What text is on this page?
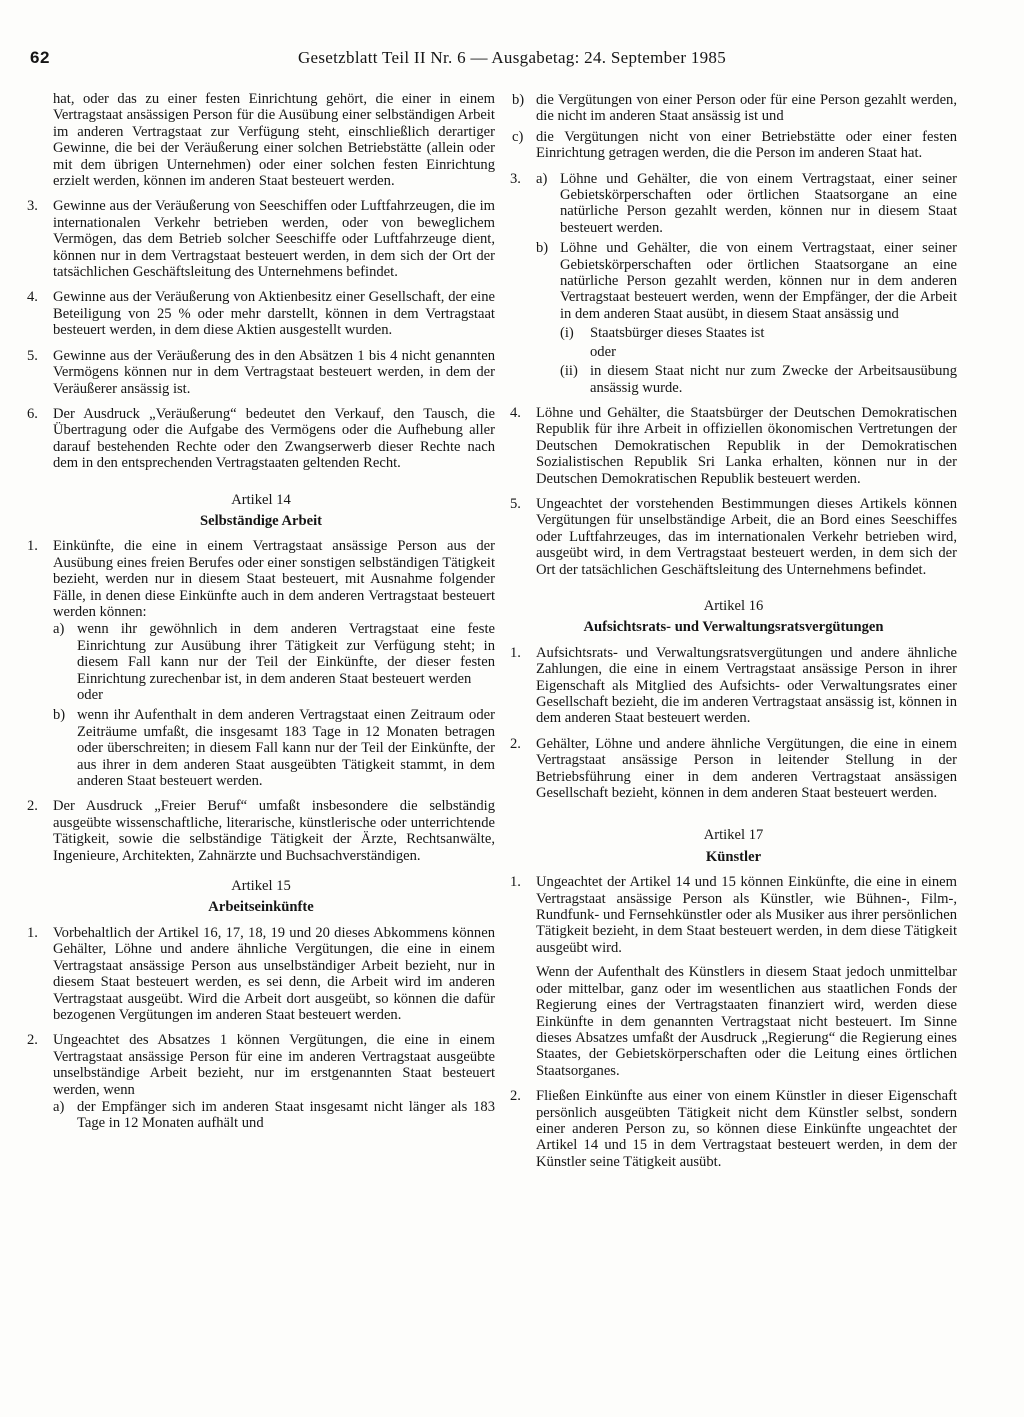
62	Gesetzblatt Teil II Nr. 6 — Ausgabetag: 24. September 1985

hat, oder das zu einer festen Einrichtung gehört, die einer in einem Vertragstaat ansässigen Person für die Ausübung einer selbständigen Arbeit im anderen Vertragstaat zur Verfügung steht, einschließlich derartiger Gewinne, die bei der Veräußerung einer solchen Betriebstätte (allein oder mit dem übrigen Unternehmen) oder einer solchen festen Einrichtung erzielt werden, können im anderen Staat besteuert werden.

3.	Gewinne aus der Veräußerung von Seeschiffen oder Luftfahrzeugen, die im internationalen Verkehr betrieben werden, oder von beweglichem Vermögen, das dem Betrieb solcher Seeschiffe oder Luftfahrzeuge dient, können nur in dem Vertragstaat besteuert werden, in dem sich der Ort der tatsächlichen Geschäftsleitung des Unternehmens befindet.
4.	Gewinne aus der Veräußerung von Aktienbesitz einer Gesellschaft, der eine Beteiligung von 25 % oder mehr darstellt, können in dem Vertragstaat besteuert werden, in dem diese Aktien ausgestellt wurden.
5.	Gewinne aus der Veräußerung des in den Absätzen 1 bis 4 nicht genannten Vermögens können nur in dem Vertragstaat besteuert werden, in dem der Veräußerer ansässig ist.
6.	Der Ausdruck „Veräußerung“ bedeutet den Verkauf, den Tausch, die Übertragung oder die Aufgabe des Vermögens oder die Aufhebung aller darauf bestehenden Rechte oder den Zwangserwerb dieser Rechte nach dem in den entsprechenden Vertragstaaten geltenden Recht.
Artikel 14
Selbständige Arbeit
1.	Einkünfte, die eine in einem Vertragstaat ansässige Person aus der Ausübung eines freien Berufes oder einer sonstigen selbständigen Tätigkeit bezieht, werden nur in diesem Staat besteuert, mit Ausnahme folgender Fälle, in denen diese Einkünfte auch in dem anderen Vertragstaat besteuert werden können:

a) wenn ihr gewöhnlich in dem anderen Vertragstaat eine feste Einrichtung zur Ausübung ihrer Tätigkeit zur Verfügung steht; in diesem Fall kann nur der Teil der Einkünfte, der dieser festen Einrichtung zurechenbar ist, in dem anderen Staat besteuert werden

oder

b) wenn ihr Aufenthalt in dem anderen Vertragstaat einen Zeitraum oder Zeiträume umfaßt, die insgesamt 183 Tage in 12 Monaten betragen oder überschreiten; in diesem Fall kann nur der Teil der Einkünfte, der aus ihrer in dem anderen Staat ausgeübten Tätigkeit stammt, in dem anderen Staat besteuert werden.
2.	Der Ausdruck „Freier Beruf“ umfaßt insbesondere die selbständig ausgeübte wissenschaftliche, literarische, künstlerische oder unterrichtende Tätigkeit, sowie die selbständige Tätigkeit der Ärzte, Rechtsanwälte, Ingenieure, Architekten, Zahnärzte und Buchsachverständigen.
Artikel 15
Arbeitseinkünfte
1.	Vorbehaltlich der Artikel 16, 17, 18, 19 und 20 dieses Abkommens können Gehälter, Löhne und andere ähnliche Vergütungen, die eine in einem Vertragstaat ansässige Person aus unselbständiger Arbeit bezieht, nur in diesem Staat besteuert werden, es sei denn, die Arbeit wird im anderen Vertragstaat ausgeübt. Wird die Arbeit dort ausgeübt, so können die dafür bezogenen Vergütungen im anderen Staat besteuert werden.
2.	Ungeachtet des Absatzes 1 können Vergütungen, die eine in einem Vertragstaat ansässige Person für eine im anderen Vertragstaat ausgeübte unselbständige Arbeit bezieht, nur im erstgenannten Staat besteuert werden, wenn

a) der Empfänger sich im anderen Staat insgesamt nicht länger als 183 Tage in 12 Monaten aufhält und
b) die Vergütungen von einer Person oder für eine Person gezahlt werden, die nicht im anderen Staat ansässig ist und
c) die Vergütungen nicht von einer Betriebstätte oder einer festen Einrichtung getragen werden, die die Person im anderen Staat hat.
3.	a) Löhne und Gehälter, die von einem Vertragstaat, einer seiner Gebietskörperschaften oder örtlichen Staatsorgane an eine natürliche Person gezahlt werden, können nur in diesem Staat besteuert werden.
b) Löhne und Gehälter, die von einem Vertragstaat, einer seiner Gebietskörperschaften oder örtlichen Staatsorgane an eine natürliche Person gezahlt werden, können nur in dem anderen Vertragstaat besteuert werden, wenn der Empfänger, der die Arbeit in dem anderen Staat ausübt, in diesem Staat ansässig und

(i)	Staatsbürger dieses Staates ist

oder

(ii) in diesem Staat nicht nur zum Zwecke der Arbeitsausübung ansässig wurde.
4.	Löhne und Gehälter, die Staatsbürger der Deutschen Demokratischen Republik für ihre Arbeit in offiziellen ökonomischen Vertretungen der Deutschen Demokratischen Republik in der Demokratischen Sozialistischen Republik Sri Lanka erhalten, können nur in der Deutschen Demokratischen Republik besteuert werden.
5.	Ungeachtet der vorstehenden Bestimmungen dieses Artikels können Vergütungen für unselbständige Arbeit, die an Bord eines Seeschiffes oder Luftfahrzeuges, das im internationalen Verkehr betrieben wird, ausgeübt wird, in dem Vertragstaat besteuert werden, in dem sich der Ort der tatsächlichen Geschäftsleitung des Unternehmens befindet.
Artikel 16
Aufsichtsrats- und Verwaltungsratsvergütungen
1.	Aufsichtsrats- und Verwaltungsratsvergütungen und andere ähnliche Zahlungen, die eine in einem Vertragstaat ansässige Person in ihrer Eigenschaft als Mitglied des Aufsichts- oder Verwaltungsrates einer Gesellschaft bezieht, die im anderen Vertragstaat ansässig ist, können in dem anderen Staat besteuert werden.
2.	Gehälter, Löhne und andere ähnliche Vergütungen, die eine in einem Vertragstaat ansässige Person in leitender Stellung in der Betriebsführung einer in dem anderen Vertragstaat ansässigen Gesellschaft bezieht, können in dem anderen Staat besteuert werden.
Artikel 17
Künstler
1.	Ungeachtet der Artikel 14 und 15 können Einkünfte, die eine in einem Vertragstaat ansässige Person als Künstler, wie Bühnen-, Film-, Rundfunk- und Fernsehkünstler oder als Musiker aus ihrer persönlichen Tätigkeit bezieht, in dem Staat besteuert werden, in dem diese Tätigkeit ausgeübt wird.

Wenn der Aufenthalt des Künstlers in diesem Staat jedoch unmittelbar oder mittelbar, ganz oder im wesentlichen aus staatlichen Fonds der Regierung eines der Vertragstaaten finanziert wird, werden diese Einkünfte in dem genannten Vertragstaat nicht besteuert. Im Sinne dieses Absatzes umfaßt der Ausdruck „Regierung“ die Regierung eines Staates, der Gebietskörperschaften oder die Leitung eines örtlichen Staatsorganes.

2.	Fließen Einkünfte aus einer von einem Künstler in dieser Eigenschaft persönlich ausgeübten Tätigkeit nicht dem Künstler selbst, sondern einer anderen Person zu, so können diese Einkünfte ungeachtet der Artikel 14 und 15 in dem Vertragstaat besteuert werden, in dem der Künstler seine Tätigkeit ausübt.
